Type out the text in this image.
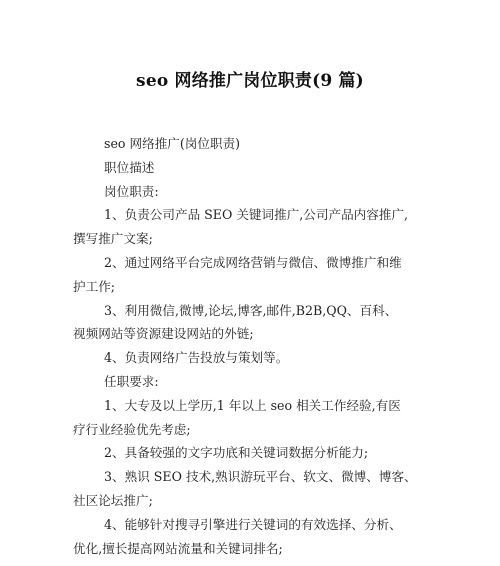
seo 网络推广岗位职责(9 篇)
seo 网络推广(岗位职责)
职位描述
岗位职责:
1、负责公司产品 SEO 关键词推广,公司产品内容推广,
撰写推广文案;
2、通过网络平台完成网络营销与微信、微博推广和维
护工作;
3、利用微信,微博,论坛,博客,邮件,B2B,QQ、百科、
视频网站等资源建设网站的外链;
4、负责网络广告投放与策划等。
任职要求:
1、大专及以上学历,1 年以上 seo 相关工作经验,有医
疗行业经验优先考虑;
2、具备较强的文字功底和关键词数据分析能力;
3、熟识 SEO 技术,熟识游玩平台、软文、微博、博客、
社区论坛推广;
4、能够针对搜寻引擎进行关键词的有效选择、分析、
优化,擅长提高网站流量和关键词排名;
